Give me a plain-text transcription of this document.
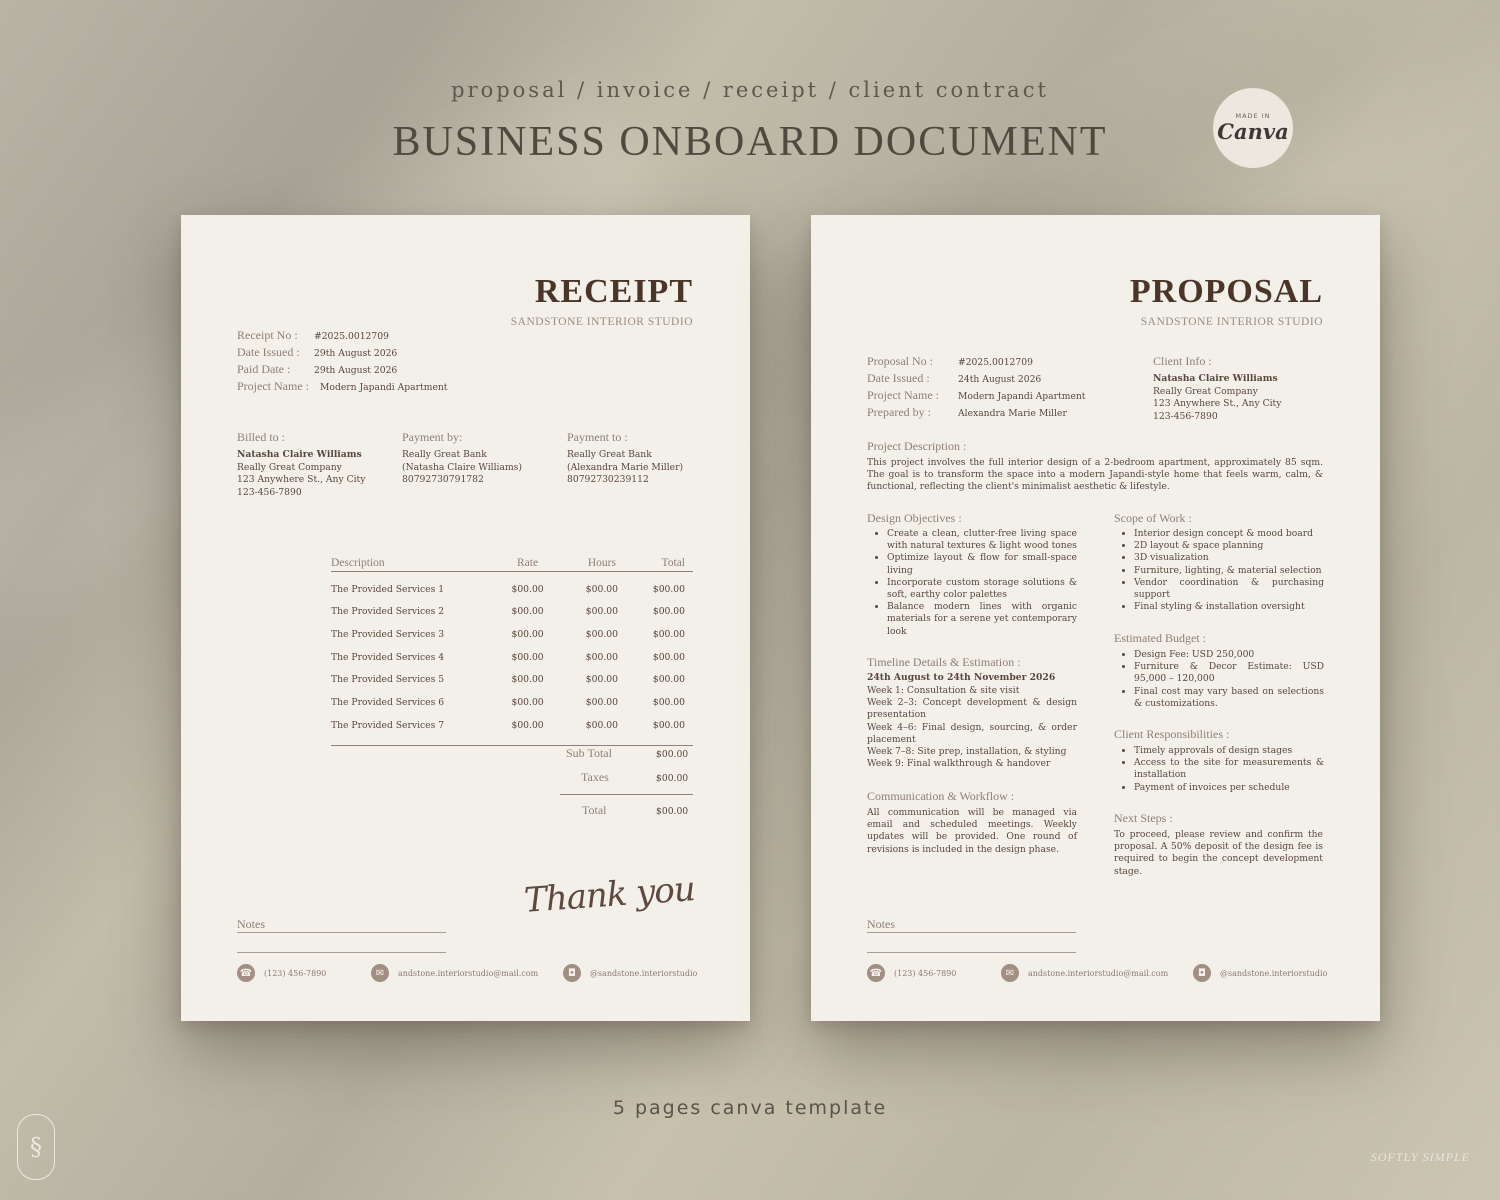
proposal / invoice / receipt / client contract
BUSINESS ONBOARD DOCUMENT
MADE IN
Canva
RECEIPT
SANDSTONE INTERIOR STUDIO
Receipt No :	#2025.0012709
Date Issued :	29th August 2026
Paid Date :	29th August 2026
Project Name :	Modern Japandi Apartment
Billed to :
Natasha Claire Williams
Really Great Company
123 Anywhere St., Any City
123-456-7890
Payment by:
Really Great Bank
(Natasha Claire Williams)
80792730791782
Payment to :
Really Great Bank
(Alexandra Marie Miller)
80792730239112
Description	Rate	Hours	Total
The Provided Services 1	$00.00	$00.00	$00.00
The Provided Services 2	$00.00	$00.00	$00.00
The Provided Services 3	$00.00	$00.00	$00.00
The Provided Services 4	$00.00	$00.00	$00.00
The Provided Services 5	$00.00	$00.00	$00.00
The Provided Services 6	$00.00	$00.00	$00.00
The Provided Services 7	$00.00	$00.00	$00.00
Sub Total	$00.00
Taxes	$00.00
Total	$00.00
Thank you
Notes
☎	(123) 456-7890	✉	andstone.interiorstudio@mail.com	◘	@sandstone.interiorstudio
PROPOSAL
SANDSTONE INTERIOR STUDIO
Proposal No :	#2025.0012709
Date Issued :	24th August 2026
Project Name :	Modern Japandi Apartment
Prepared by :	Alexandra Marie Miller
Client Info :
Natasha Claire Williams
Really Great Company
123 Anywhere St., Any City
123-456-7890
Project Description :
This project involves the full interior design of a 2-bedroom apartment, approximately 85 sqm. The goal is to transform the space into a modern Japandi-style home that feels warm, calm, & functional, reflecting the client's minimalist aesthetic & lifestyle.
Design Objectives :
• Create a clean, clutter-free living space with natural textures & light wood tones
• Optimize layout & flow for small-space living
• Incorporate custom storage solutions & soft, earthy color palettes
• Balance modern lines with organic materials for a serene yet contemporary look
Timeline Details & Estimation :
24th August to 24th November 2026
Week 1: Consultation & site visit
Week 2–3: Concept development & design presentation
Week 4–6: Final design, sourcing, & order placement
Week 7–8: Site prep, installation, & styling
Week 9: Final walkthrough & handover
Communication & Workflow :
All communication will be managed via email and scheduled meetings. Weekly updates will be provided. One round of revisions is included in the design phase.
Scope of Work :
• Interior design concept & mood board
• 2D layout & space planning
• 3D visualization
• Furniture, lighting, & material selection
• Vendor coordination & purchasing support
• Final styling & installation oversight
Estimated Budget :
• Design Fee: USD 250,000
• Furniture & Decor Estimate: USD 95,000 – 120,000
• Final cost may vary based on selections & customizations.
Client Responsibilities :
• Timely approvals of design stages
• Access to the site for measurements & installation
• Payment of invoices per schedule
Next Steps :
To proceed, please review and confirm the proposal. A 50% deposit of the design fee is required to begin the concept development stage.
Notes
☎	(123) 456-7890	✉	andstone.interiorstudio@mail.com	◘	@sandstone.interiorstudio
5 pages canva template
§	SOFTLY SIMPLE
